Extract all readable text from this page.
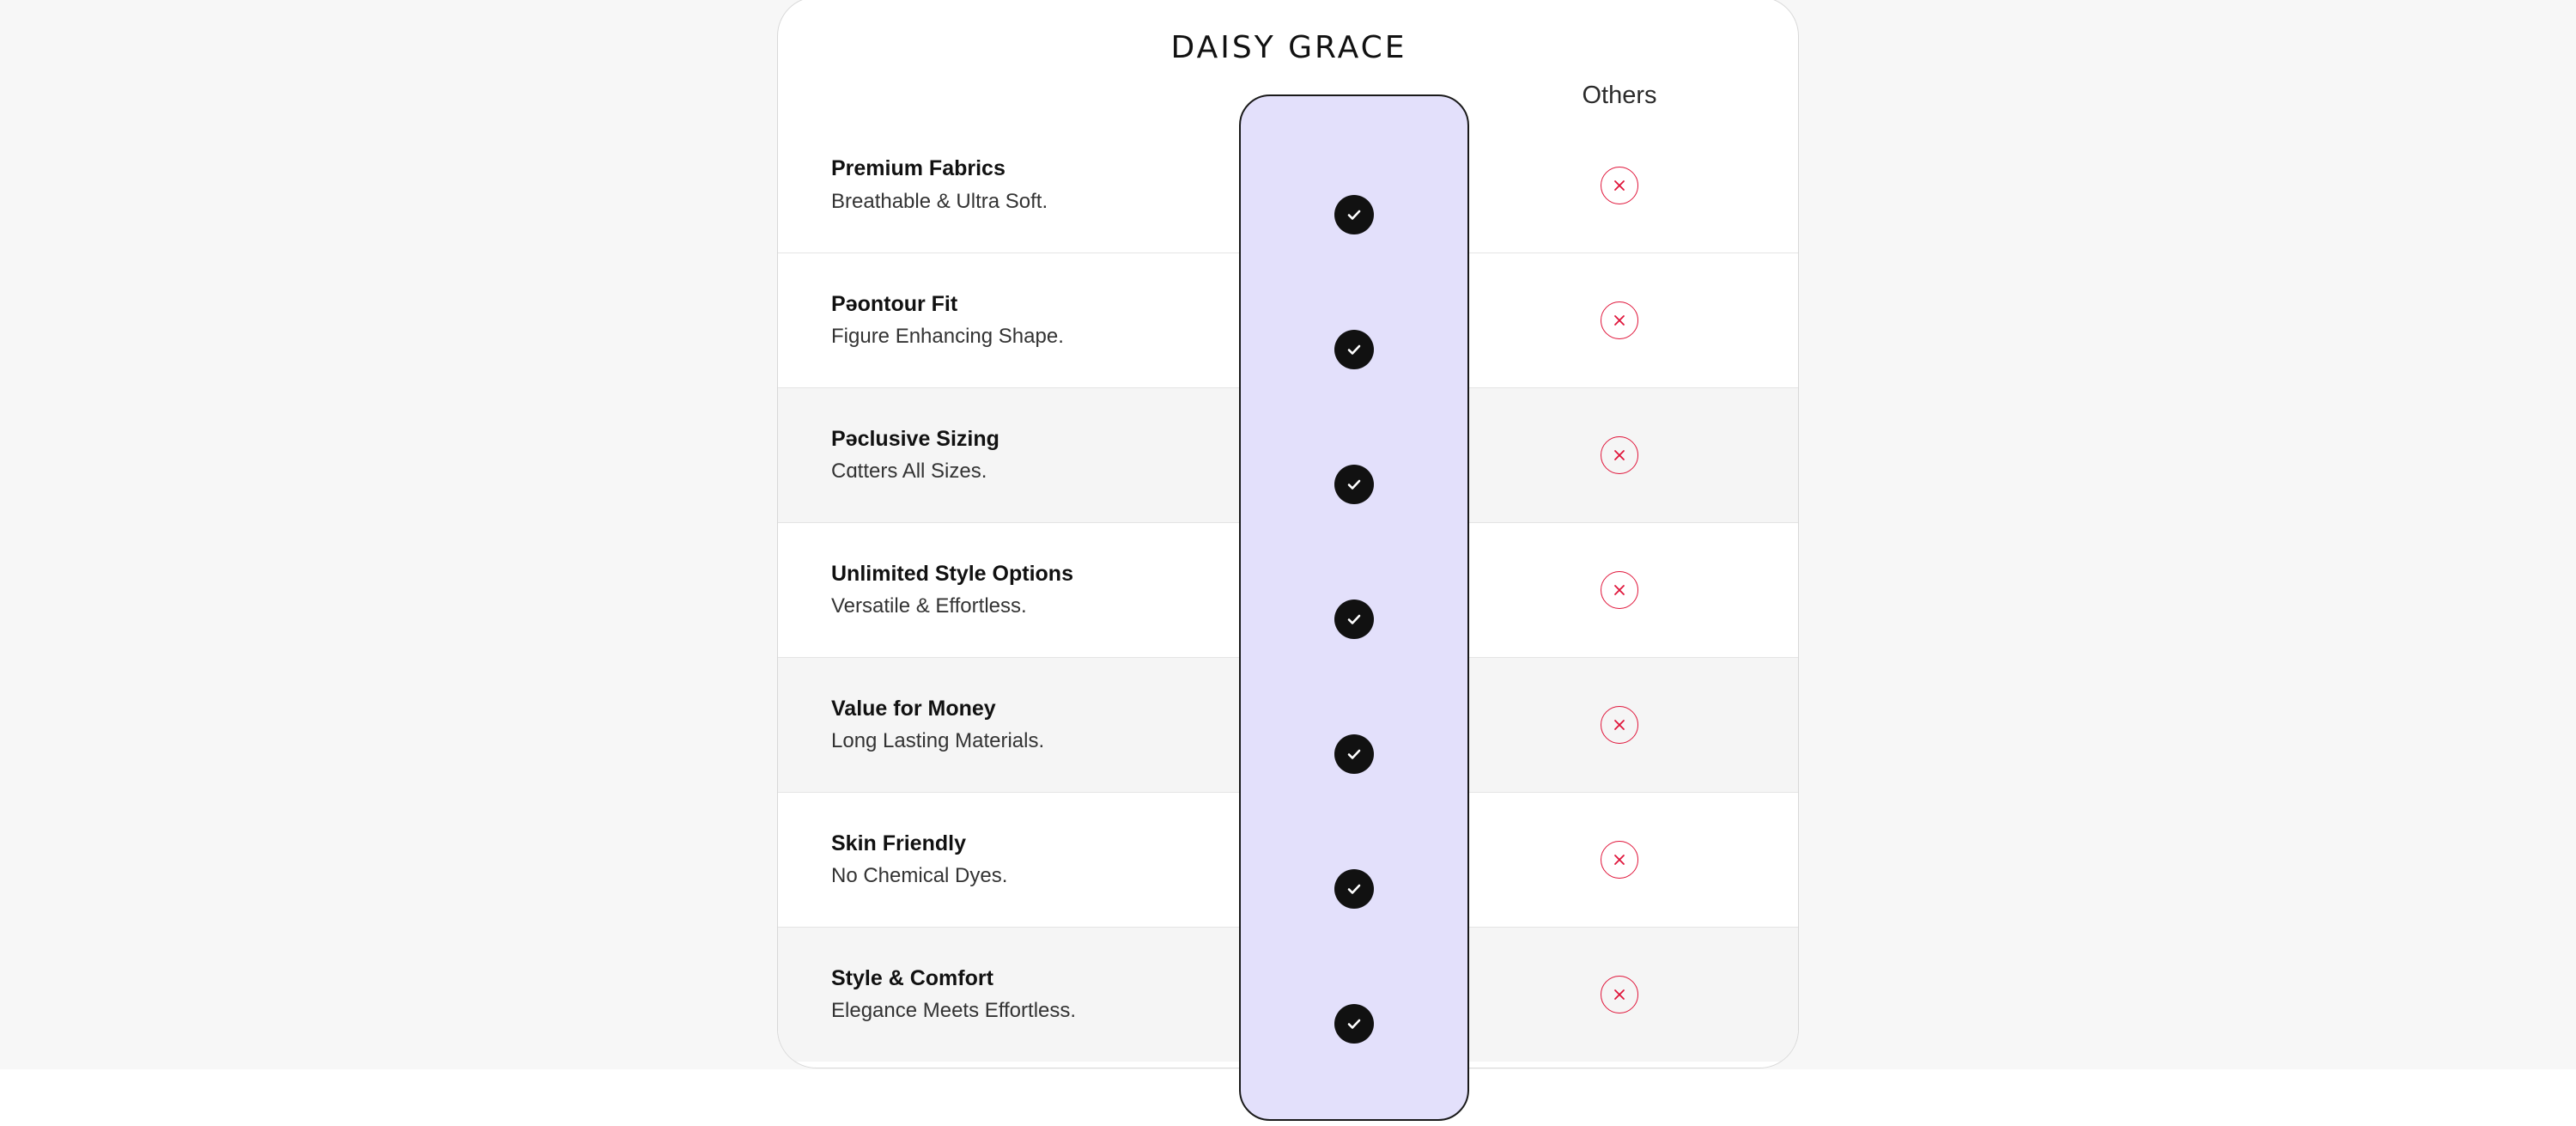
DAISY GRACE
Others
Premium Fabrics
Breathable & Ultra Soft.
Pǝontour Fit
Figure Enhancing Shape.
Pǝclusive Sizing
Cɑtters All Sizes.
Unlimited Style Options
Versatile & Effortless.
Value for Money
Long Lasting Materials.
Skin Friendly
No Chemical Dyes.
Style & Comfort
Elegance Meets Effortless.
